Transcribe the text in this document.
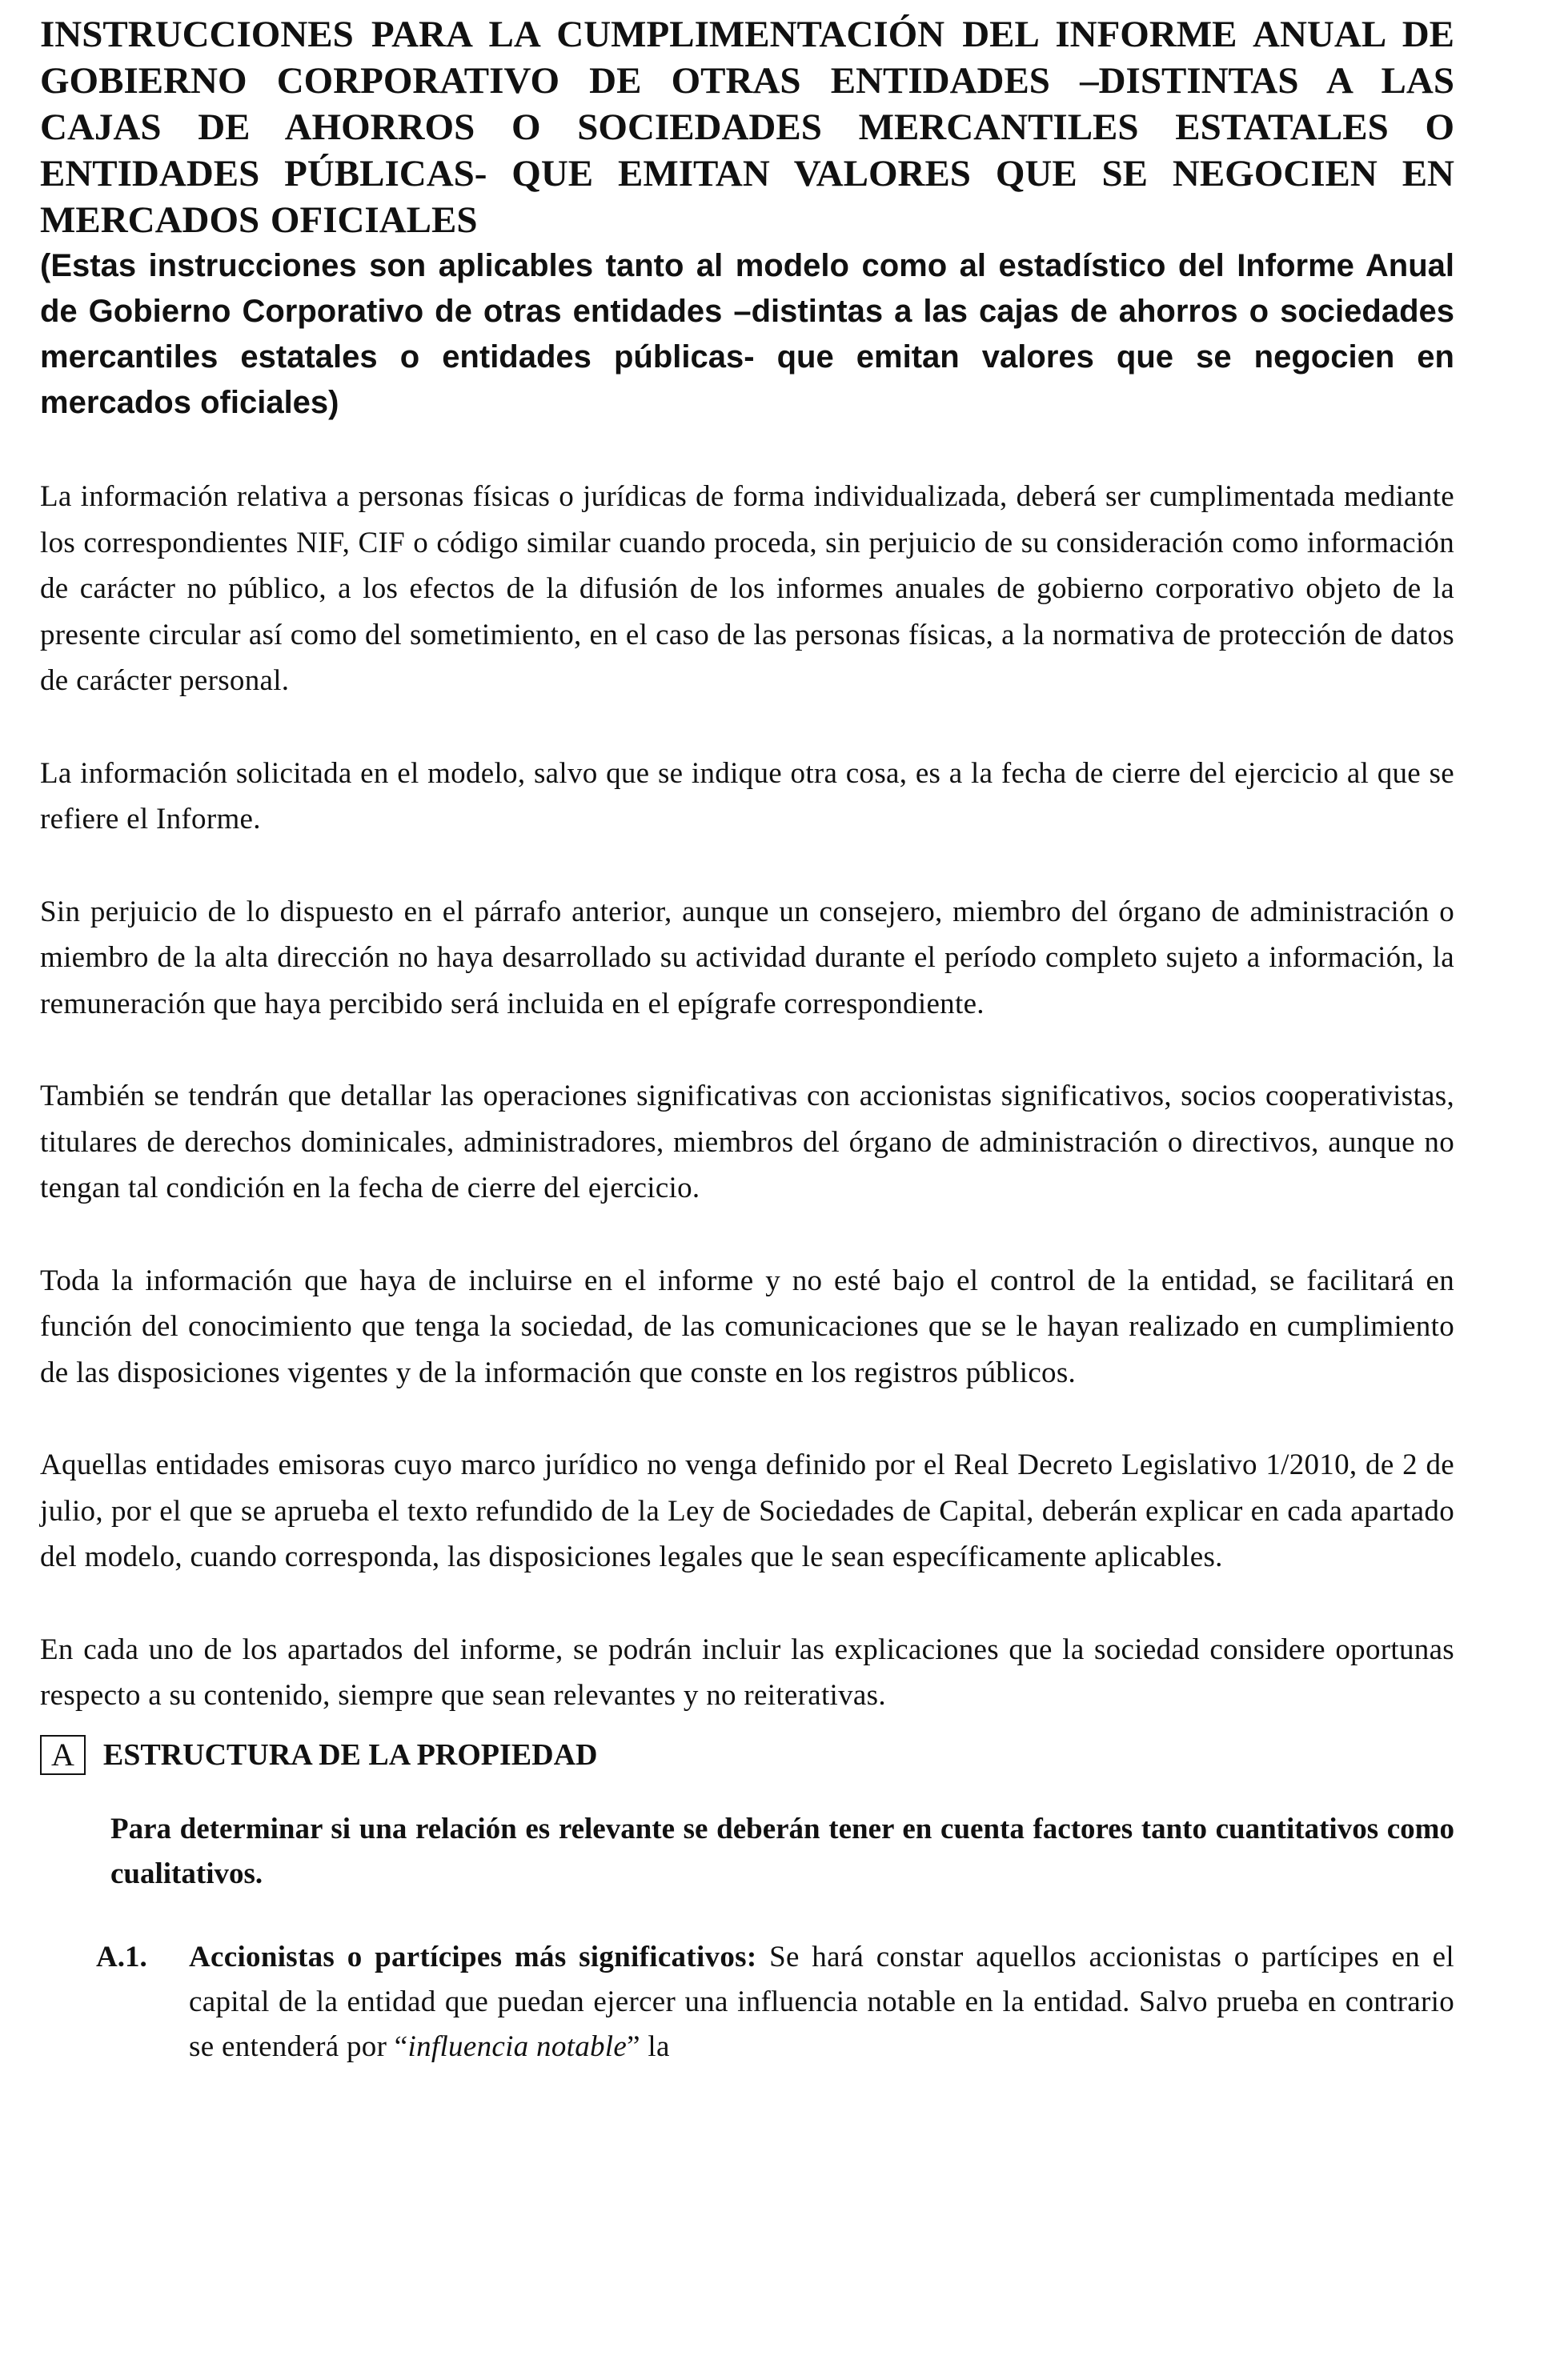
INSTRUCCIONES PARA LA CUMPLIMENTACIÓN DEL INFORME ANUAL DE GOBIERNO CORPORATIVO DE OTRAS ENTIDADES –DISTINTAS A LAS CAJAS DE AHORROS O SOCIEDADES MERCANTILES ESTATALES O ENTIDADES PÚBLICAS- QUE EMITAN VALORES QUE SE NEGOCIEN EN MERCADOS OFICIALES

(Estas instrucciones son aplicables tanto al modelo como al estadístico del Informe Anual de Gobierno Corporativo de otras entidades –distintas a las cajas de ahorros o sociedades mercantiles estatales o entidades públicas- que emitan valores que se negocien en mercados oficiales)

La información relativa a personas físicas o jurídicas de forma individualizada, deberá ser cumplimentada mediante los correspondientes NIF, CIF o código similar cuando proceda, sin perjuicio de su consideración como información de carácter no público, a los efectos de la difusión de los informes anuales de gobierno corporativo objeto de la presente circular así como del sometimiento, en el caso de las personas físicas, a la normativa de protección de datos de carácter personal.

La información solicitada en el modelo, salvo que se indique otra cosa, es a la fecha de cierre del ejercicio al que se refiere el Informe.

Sin perjuicio de lo dispuesto en el párrafo anterior, aunque un consejero, miembro del órgano de administración o miembro de la alta dirección no haya desarrollado su actividad durante el período completo sujeto a información, la remuneración que haya percibido será incluida en el epígrafe correspondiente.

También se tendrán que detallar las operaciones significativas con accionistas significativos, socios cooperativistas, titulares de derechos dominicales, administradores, miembros del órgano de administración o directivos, aunque no tengan tal condición en la fecha de cierre del ejercicio.

Toda la información que haya de incluirse en el informe y no esté bajo el control de la entidad, se facilitará en función del conocimiento que tenga la sociedad, de las comunicaciones que se le hayan realizado en cumplimiento de las disposiciones vigentes y de la información que conste en los registros públicos.

Aquellas entidades emisoras cuyo marco jurídico no venga definido por el Real Decreto Legislativo 1/2010, de 2 de julio, por el que se aprueba el texto refundido de la Ley de Sociedades de Capital, deberán explicar en cada apartado del modelo, cuando corresponda, las disposiciones legales que le sean específicamente aplicables.

En cada uno de los apartados del informe, se podrán incluir las explicaciones que la sociedad considere oportunas respecto a su contenido, siempre que sean relevantes y no reiterativas.

A ESTRUCTURA DE LA PROPIEDAD

Para determinar si una relación es relevante se deberán tener en cuenta factores tanto cuantitativos como cualitativos.

A.1.	Accionistas o partícipes más significativos: Se hará constar aquellos accionistas o partícipes en el capital de la entidad que puedan ejercer una influencia notable en la entidad. Salvo prueba en contrario se entenderá por “influencia notable” la
